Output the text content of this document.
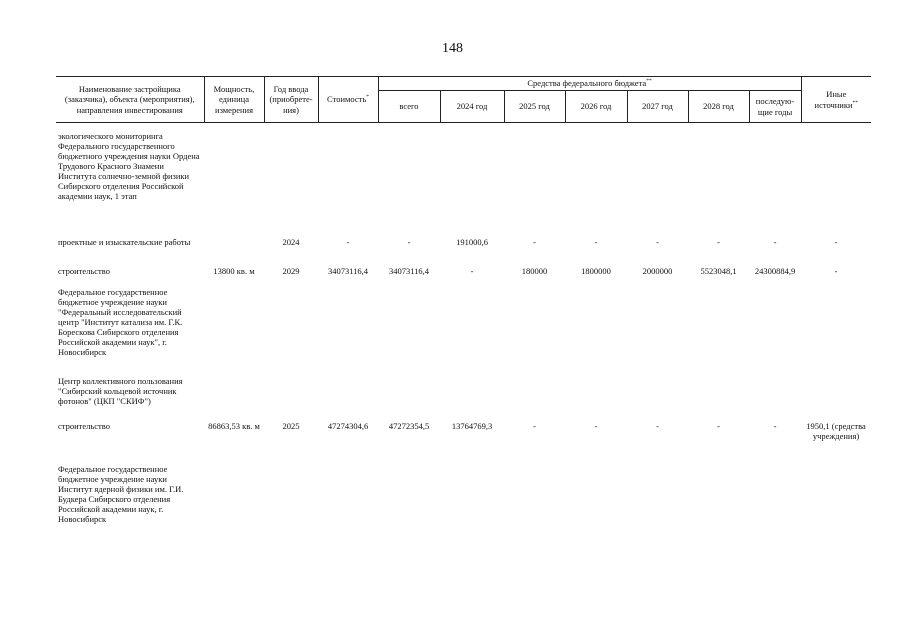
148
Наименование застройщика (заказчика), объекта (мероприятия), направления инвестирования	Мощность, единица измерения	Год ввода (приобрете-ния)	Стоимость*	Средства федерального бюджета**							Иные источники**
				всего	2024 год	2025 год	2026 год	2027 год	2028 год	последую-щие годы	

экологического мониторинга Федерального государственного бюджетного учреждения науки Ордена Трудового Красного Знамени Института солнечно-земной физики Сибирского отделения Российской академии наук, 1 этап											
проектные и изыскательские работы		2024	-	-	191000,6	-	-	-	-	-	-
строительство	13800 кв. м	2029	34073116,4	34073116,4	-	180000	1800000	2000000	5523048,1	24300884,9	-
Федеральное государственное бюджетное учреждение науки "Федеральный исследовательский центр "Институт катализа им. Г.К. Борескова Сибирского отделения Российской академии наук", г. Новосибирск											
Центр коллективного пользования "Сибирский кольцевой источник фотонов" (ЦКП "СКИФ")											
строительство	86863,53 кв. м	2025	47274304,6	47272354,5	13764769,3	-	-	-	-	-	1950,1 (средства учреждения)
Федеральное государственное бюджетное учреждение науки Институт ядерной физики им. Г.И. Будкера Сибирского отделения Российской академии наук, г. Новосибирск											
